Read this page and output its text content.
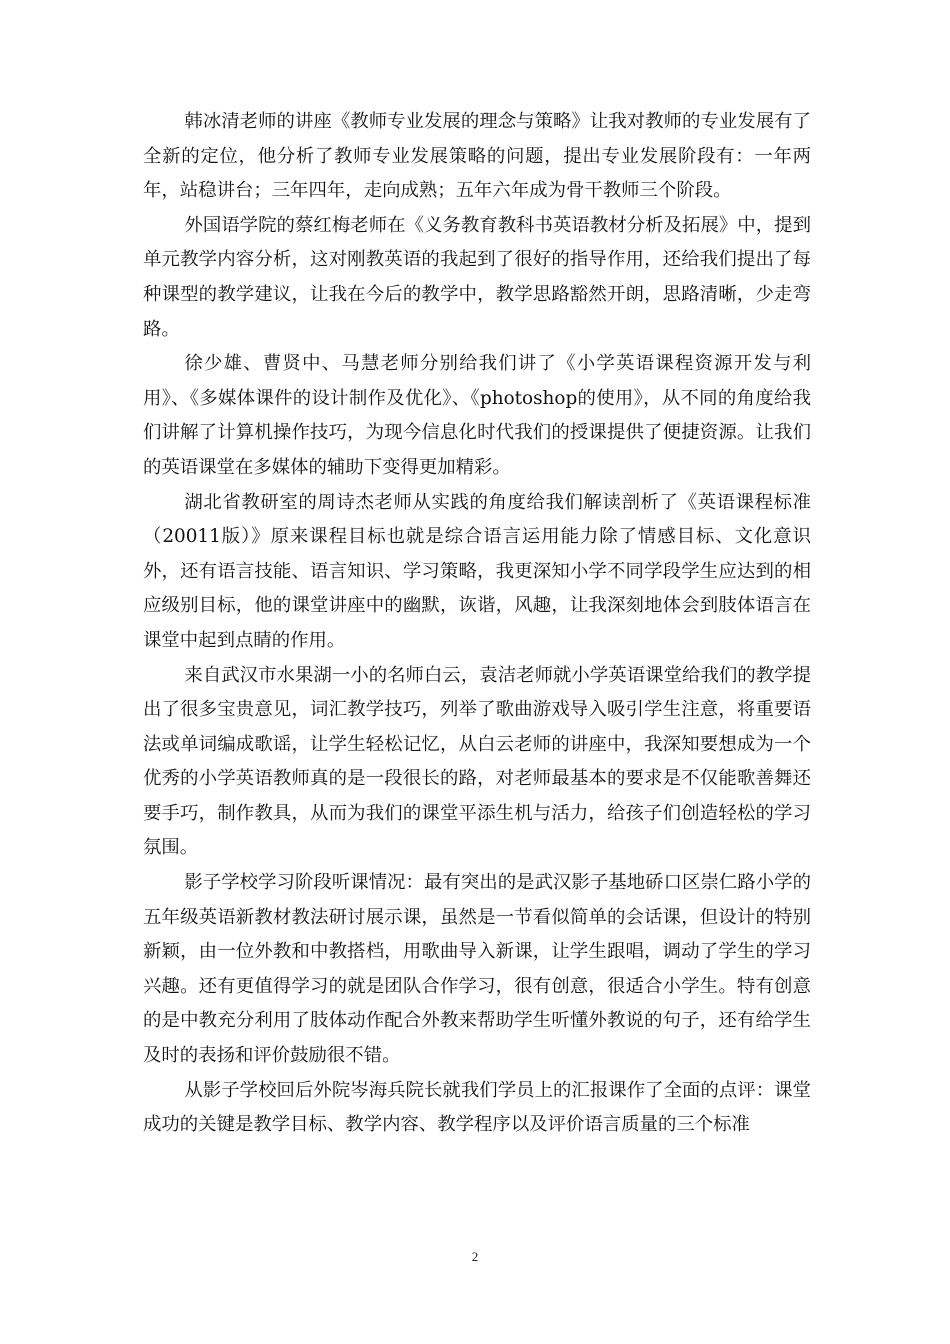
韩冰清老师的讲座《教师专业发展的理念与策略》让我对教师的专业发展有了全新的定位，他分析了教师专业发展策略的问题，提出专业发展阶段有：一年两年，站稳讲台；三年四年，走向成熟；五年六年成为骨干教师三个阶段。

外国语学院的蔡红梅老师在《义务教育教科书英语教材分析及拓展》中，提到单元教学内容分析，这对刚教英语的我起到了很好的指导作用，还给我们提出了每种课型的教学建议，让我在今后的教学中，教学思路豁然开朗，思路清晰，少走弯路。

徐少雄、曹贤中、马慧老师分别给我们讲了《小学英语课程资源开发与利用》、《多媒体课件的设计制作及优化》、《photoshop的使用》，从不同的角度给我们讲解了计算机操作技巧，为现今信息化时代我们的授课提供了便捷资源。让我们的英语课堂在多媒体的辅助下变得更加精彩。

湖北省教研室的周诗杰老师从实践的角度给我们解读剖析了《英语课程标准（20011版）》原来课程目标也就是综合语言运用能力除了情感目标、文化意识外，还有语言技能、语言知识、学习策略，我更深知小学不同学段学生应达到的相应级别目标，他的课堂讲座中的幽默，诙谐，风趣，让我深刻地体会到肢体语言在课堂中起到点睛的作用。

来自武汉市水果湖一小的名师白云，袁洁老师就小学英语课堂给我们的教学提出了很多宝贵意见，词汇教学技巧，列举了歌曲游戏导入吸引学生注意，将重要语法或单词编成歌谣，让学生轻松记忆，从白云老师的讲座中，我深知要想成为一个优秀的小学英语教师真的是一段很长的路，对老师最基本的要求是不仅能歌善舞还要手巧，制作教具，从而为我们的课堂平添生机与活力，给孩子们创造轻松的学习氛围。

影子学校学习阶段听课情况：最有突出的是武汉影子基地硚口区崇仁路小学的五年级英语新教材教法研讨展示课，虽然是一节看似简单的会话课，但设计的特别新颖，由一位外教和中教搭档，用歌曲导入新课，让学生跟唱，调动了学生的学习兴趣。还有更值得学习的就是团队合作学习，很有创意，很适合小学生。特有创意的是中教充分利用了肢体动作配合外教来帮助学生听懂外教说的句子，还有给学生及时的表扬和评价鼓励很不错。

从影子学校回后外院岑海兵院长就我们学员上的汇报课作了全面的点评：课堂成功的关键是教学目标、教学内容、教学程序以及评价语言质量的三个标准

2
